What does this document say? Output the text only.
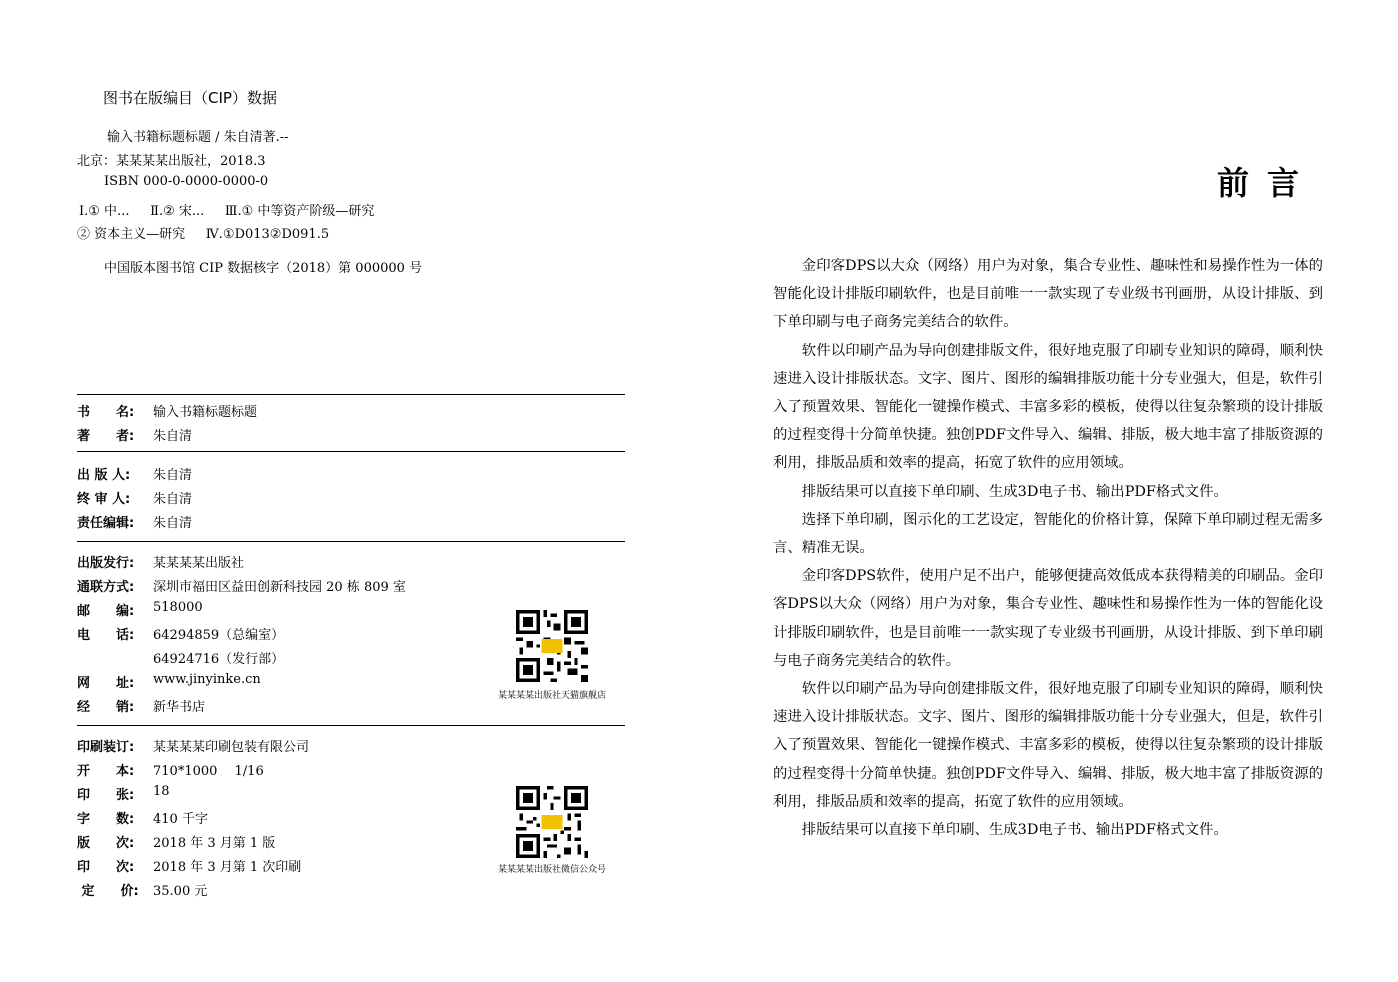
图书在版编目（CIP）数据
输入书籍标题标题 / 朱自清著.--
北京：某某某某出版社，2018.3
ISBN 000-0-0000-0000-0
Ⅰ.① 中...     Ⅱ.② 宋...     Ⅲ.① 中等资产阶级—研究
② 资本主义—研究     Ⅳ.①D013②D091.5
中国版本图书馆 CIP 数据核字（2018）第 000000 号
书　　名:	输入书籍标题标题
著　　者:	朱自清
出 版 人:	朱自清
终 审 人:	朱自清
责任编辑:	朱自清
出版发行:	某某某某出版社
通联方式:	深圳市福田区益田创新科技园 20 栋 809 室
邮　　编:	518000
电　　话:	64294859（总编室）
64924716（发行部）
网　　址:	www.jinyinke.cn
经　　销:	新华书店
某某某某出版社天猫旗舰店
印刷装订:	某某某某印刷包装有限公司
开　　本:	710*1000　 1/16
印　　张:	18
字　　数:	410 千字
版　　次:	2018 年 3 月第 1 版
印　　次:	2018 年 3 月第 1 次印刷
定　　价:	35.00 元
某某某某出版社微信公众号
前言

金印客DPS以大众（网络）用户为对象，集合专业性、趣味性和易操作性为一体的智能化设计排版印刷软件，也是目前唯一一款实现了专业级书刊画册，从设计排版、到下单印刷与电子商务完美结合的软件。

软件以印刷产品为导向创建排版文件，很好地克服了印刷专业知识的障碍，顺利快速进入设计排版状态。文字、图片、图形的编辑排版功能十分专业强大，但是，软件引入了预置效果、智能化一键操作模式、丰富多彩的模板，使得以往复杂繁琐的设计排版的过程变得十分简单快捷。独创PDF文件导入、编辑、排版，极大地丰富了排版资源的利用，排版品质和效率的提高，拓宽了软件的应用领域。

排版结果可以直接下单印刷、生成3D电子书、输出PDF格式文件。

选择下单印刷，图示化的工艺设定，智能化的价格计算，保障下单印刷过程无需多言、精准无误。

金印客DPS软件，使用户足不出户，能够便捷高效低成本获得精美的印刷品。金印客DPS以大众（网络）用户为对象，集合专业性、趣味性和易操作性为一体的智能化设计排版印刷软件，也是目前唯一一款实现了专业级书刊画册，从设计排版、到下单印刷与电子商务完美结合的软件。

软件以印刷产品为导向创建排版文件，很好地克服了印刷专业知识的障碍，顺利快速进入设计排版状态。文字、图片、图形的编辑排版功能十分专业强大，但是，软件引入了预置效果、智能化一键操作模式、丰富多彩的模板，使得以往复杂繁琐的设计排版的过程变得十分简单快捷。独创PDF文件导入、编辑、排版，极大地丰富了排版资源的利用，排版品质和效率的提高，拓宽了软件的应用领域。

排版结果可以直接下单印刷、生成3D电子书、输出PDF格式文件。
